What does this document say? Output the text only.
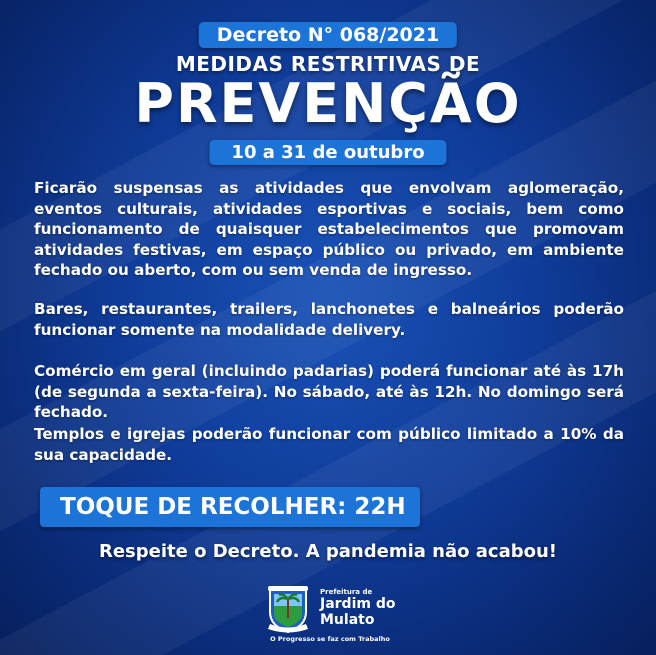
Decreto N° 068/2021
MEDIDAS RESTRITIVAS DE
PREVENÇÃO
10 a 31 de outubro
Ficarão suspensas as atividades que envolvam aglomeração, eventos culturais, atividades esportivas e sociais, bem como funcionamento de quaisquer estabelecimentos que promovam atividades festivas, em espaço público ou privado, em ambiente fechado ou aberto, com ou sem venda de ingresso.
Bares, restaurantes, trailers, lanchonetes e balneários poderão funcionar somente na modalidade delivery.
Comércio em geral (incluindo padarias) poderá funcionar até às 17h (de segunda a sexta-feira). No sábado, até às 12h. No domingo será fechado.
Templos e igrejas poderão funcionar com público limitado a 10% da sua capacidade.
TOQUE DE RECOLHER: 22H
Respeite o Decreto. A pandemia não acabou!
Prefeitura de
Jardim do
Mulato
O Progresso se faz com Trabalho
